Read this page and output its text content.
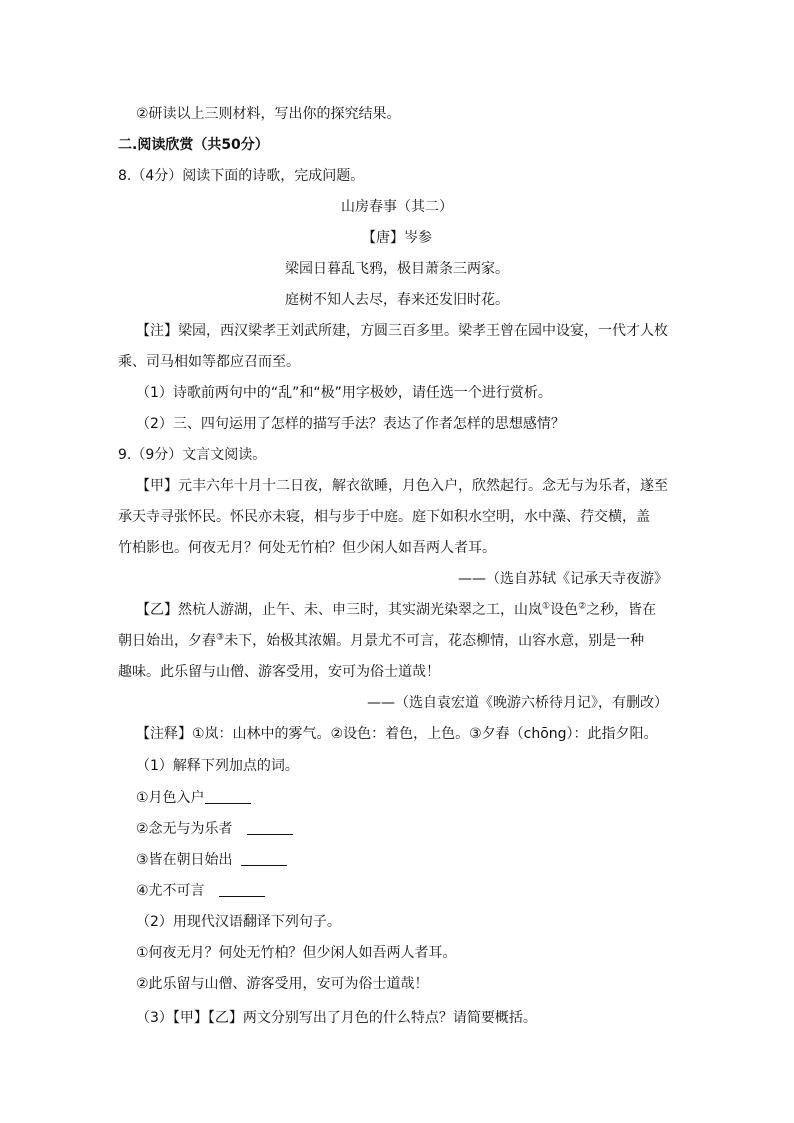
②研读以上三则材料，写出你的探究结果。
二.阅读欣赏（共50分）
8.（4分）阅读下面的诗歌，完成问题。
山房春事（其二）
【唐】岑参
梁园日暮乱飞鸦，极目萧条三两家。
庭树不知人去尽，春来还发旧时花。
【注】梁园，西汉梁孝王刘武所建，方圆三百多里。梁孝王曾在园中设宴，一代才人枚
乘、司马相如等都应召而至。
（1）诗歌前两句中的“乱”和“极”用字极妙，请任选一个进行赏析。
（2）三、四句运用了怎样的描写手法？表达了作者怎样的思想感情？
9.（9分）文言文阅读。
【甲】元丰六年十月十二日夜，解衣欲睡，月色入户，欣然起行。念无与为乐者，遂至
承天寺寻张怀民。怀民亦未寝，相与步于中庭。庭下如积水空明，水中藻、荇交横，盖
竹柏影也。何夜无月？何处无竹柏？但少闲人如吾两人者耳。
——（选自苏轼《记承天寺夜游》
【乙】然杭人游湖，止午、未、申三时，其实湖光染翠之工，山岚①设色②之秒，皆在
朝日始出，夕舂③未下，始极其浓媚。月景尤不可言，花态柳情，山容水意，别是一种
趣味。此乐留与山僧、游客受用，安可为俗士道哉！
——（选自袁宏道《晚游六桥待月记》，有删改）
【注释】①岚：山林中的雾气。②设色：着色，上色。③夕舂（chōng）：此指夕阳。
（1）解释下列加点的词。
①月色入户
②念无与为乐者
③皆在朝日始出
④尤不可言
（2）用现代汉语翻译下列句子。
①何夜无月？何处无竹柏？但少闲人如吾两人者耳。
②此乐留与山僧、游客受用，安可为俗士道哉！
（3）【甲】【乙】两文分别写出了月色的什么特点？请简要概括。
